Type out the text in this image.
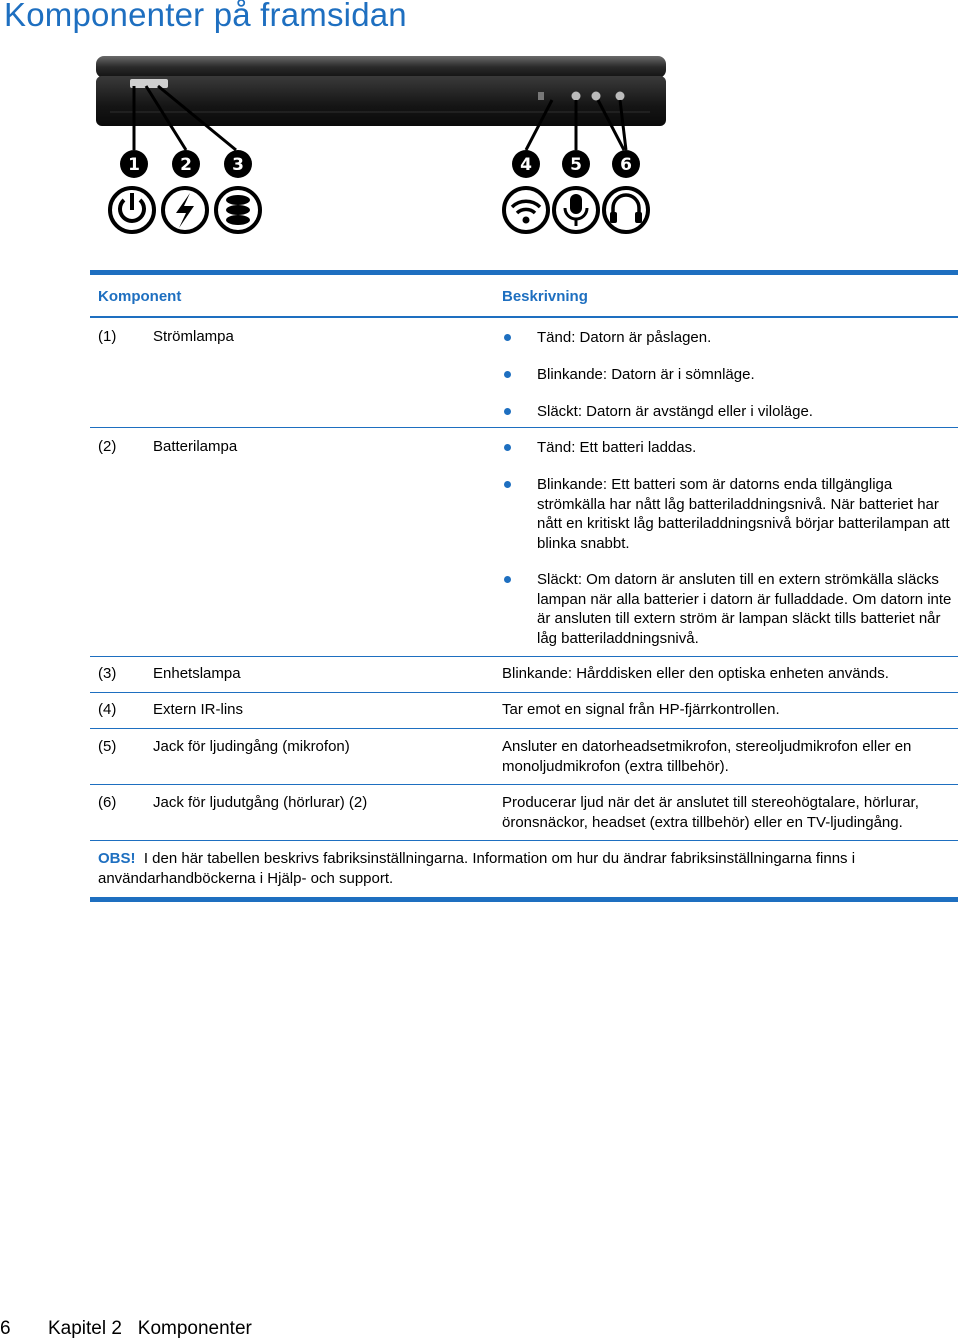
Komponenter på framsidan
1 2 3	4 5 6
Komponent	Beskrivning
(1) Strömlampa	Tänd: Datorn är påslagen.
Blinkande: Datorn är i sömnläge.
Släckt: Datorn är avstängd eller i viloläge.
(2) Batterilampa	Tänd: Ett batteri laddas.
Blinkande: Ett batteri som är datorns enda tillgängliga strömkälla har nått låg batteriladdningsnivå. När batteriet har nått en kritiskt låg batteriladdningsnivå börjar batterilampan att blinka snabbt.
Släckt: Om datorn är ansluten till en extern strömkälla släcks lampan när alla batterier i datorn är fulladdade. Om datorn inte är ansluten till extern ström är lampan släckt tills batteriet når låg batteriladdningsnivå.
(3) Enhetslampa	Blinkande: Hårddisken eller den optiska enheten används.
(4) Extern IR-lins	Tar emot en signal från HP-fjärrkontrollen.
(5) Jack för ljudingång (mikrofon)	Ansluter en datorheadsetmikrofon, stereoljudmikrofon eller en monoljudmikrofon (extra tillbehör).
(6) Jack för ljudutgång (hörlurar) (2)	Producerar ljud när det är anslutet till stereohögtalare, hörlurar, öronsnäckor, headset (extra tillbehör) eller en TV-ljudingång.
OBS! I den här tabellen beskrivs fabriksinställningarna. Information om hur du ändrar fabriksinställningarna finns i användarhandböckerna i Hjälp- och support.
6 Kapitel 2   Komponenter
